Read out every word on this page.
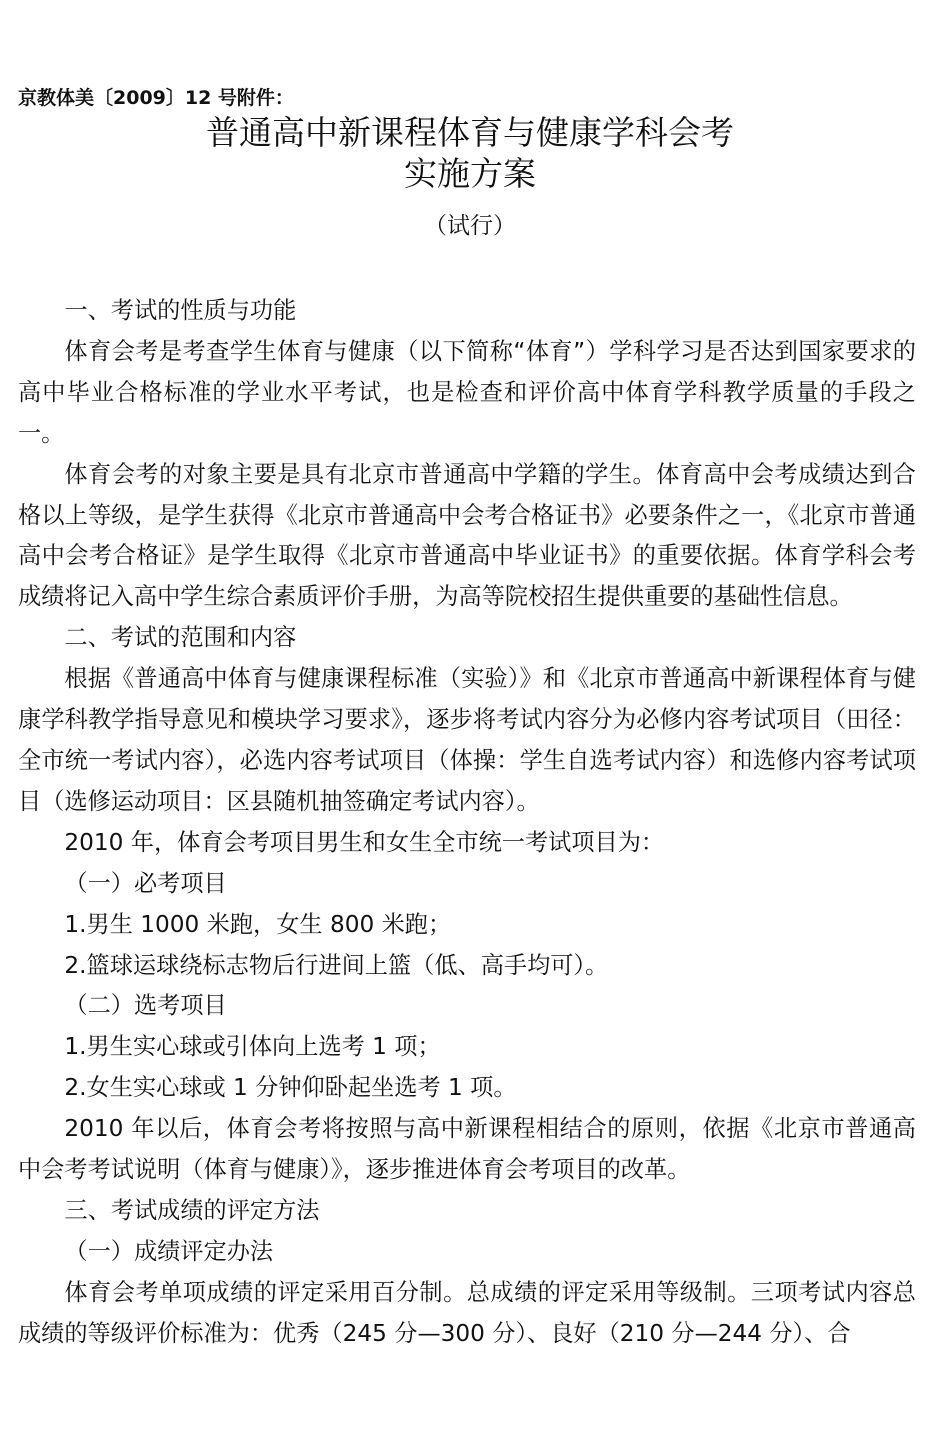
京教体美〔2009〕12 号附件：
普通高中新课程体育与健康学科会考
实施方案
（试行）

一、考试的性质与功能

体育会考是考查学生体育与健康（以下简称“体育”）学科学习是否达到国家要求的高中毕业合格标准的学业水平考试，也是检查和评价高中体育学科教学质量的手段之一。

体育会考的对象主要是具有北京市普通高中学籍的学生。体育高中会考成绩达到合格以上等级，是学生获得《北京市普通高中会考合格证书》必要条件之一，《北京市普通高中会考合格证》是学生取得《北京市普通高中毕业证书》的重要依据。体育学科会考成绩将记入高中学生综合素质评价手册，为高等院校招生提供重要的基础性信息。

二、考试的范围和内容

根据《普通高中体育与健康课程标准（实验）》和《北京市普通高中新课程体育与健康学科教学指导意见和模块学习要求》，逐步将考试内容分为必修内容考试项目（田径：全市统一考试内容），必选内容考试项目（体操：学生自选考试内容）和选修内容考试项目（选修运动项目：区县随机抽签确定考试内容）。

2010 年，体育会考项目男生和女生全市统一考试项目为：

（一）必考项目

1.男生 1000 米跑，女生 800 米跑；

2.篮球运球绕标志物后行进间上篮（低、高手均可）。

（二）选考项目

1.男生实心球或引体向上选考 1 项；

2.女生实心球或 1 分钟仰卧起坐选考 1 项。

2010 年以后，体育会考将按照与高中新课程相结合的原则，依据《北京市普通高中会考考试说明（体育与健康）》，逐步推进体育会考项目的改革。

三、考试成绩的评定方法

（一）成绩评定办法

体育会考单项成绩的评定采用百分制。总成绩的评定采用等级制。三项考试内容总成绩的等级评价标准为：优秀（245 分—300 分）、良好（210 分—244 分）、合
